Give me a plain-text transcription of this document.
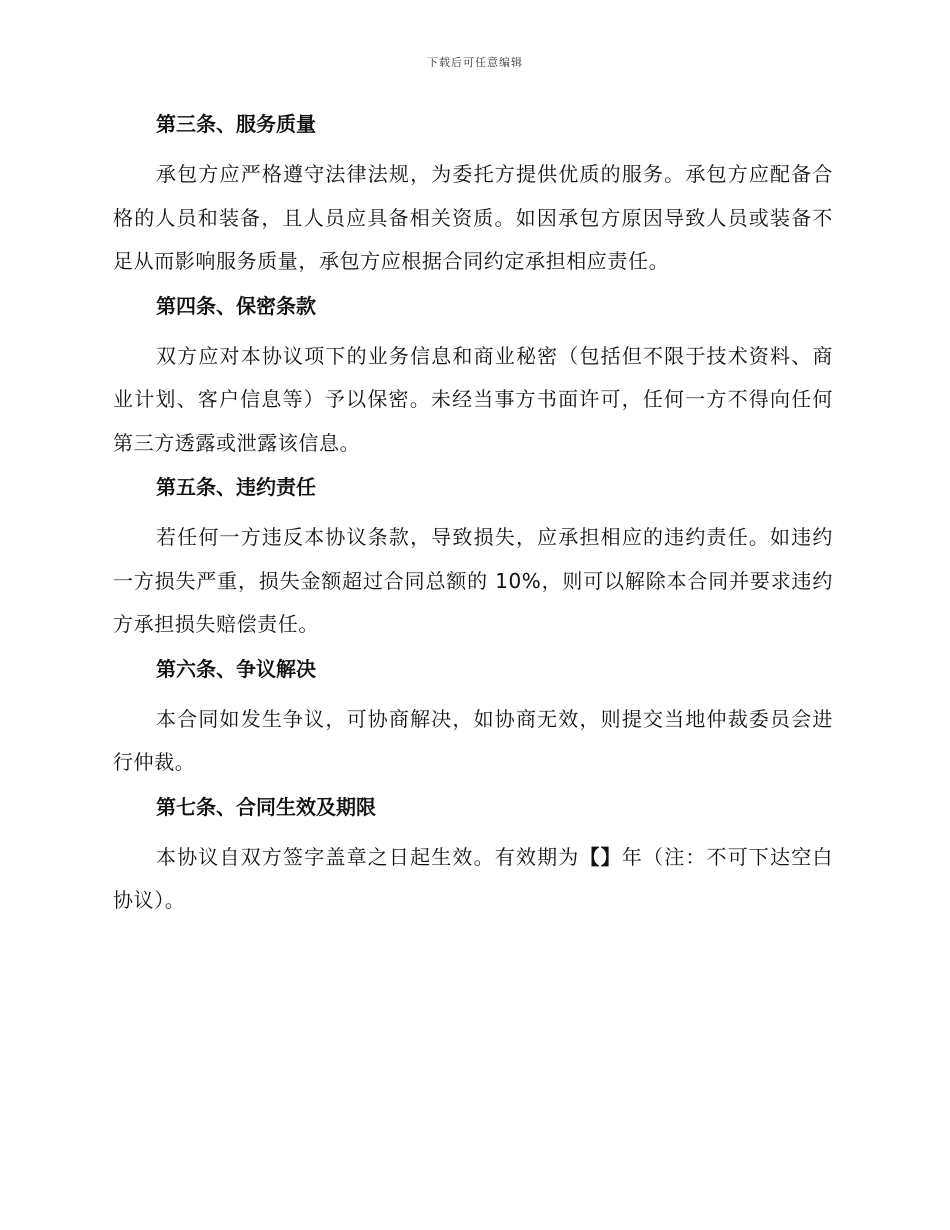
下载后可任意编辑
第三条、服务质量

承包方应严格遵守法律法规，为委托方提供优质的服务。承包方应配备合格的人员和装备，且人员应具备相关资质。如因承包方原因导致人员或装备不足从而影响服务质量，承包方应根据合同约定承担相应责任。

第四条、保密条款

双方应对本协议项下的业务信息和商业秘密（包括但不限于技术资料、商业计划、客户信息等）予以保密。未经当事方书面许可，任何一方不得向任何第三方透露或泄露该信息。

第五条、违约责任

若任何一方违反本协议条款，导致损失，应承担相应的违约责任。如违约一方损失严重，损失金额超过合同总额的 10%，则可以解除本合同并要求违约方承担损失赔偿责任。

第六条、争议解决

本合同如发生争议，可协商解决，如协商无效，则提交当地仲裁委员会进行仲裁。

第七条、合同生效及期限

本协议自双方签字盖章之日起生效。有效期为【】年（注：不可下达空白协议）。
